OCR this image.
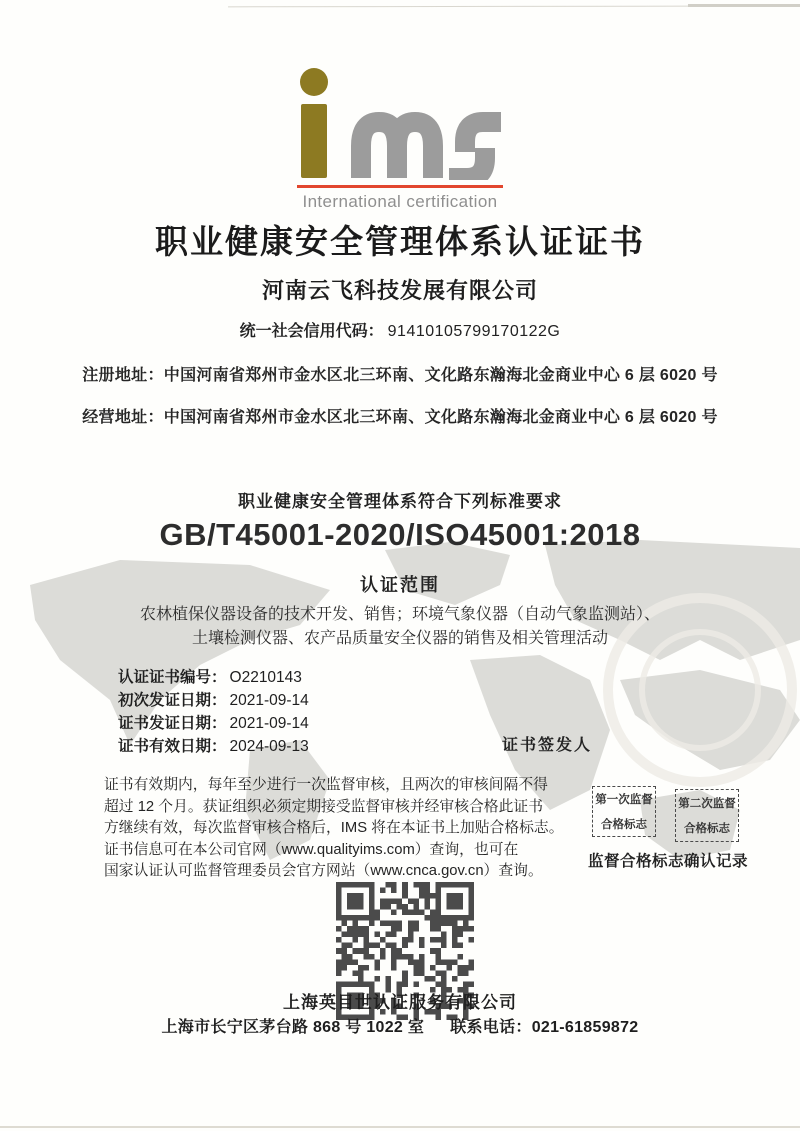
International certification
职业健康安全管理体系认证证书
河南云飞科技发展有限公司
统一社会信用代码： 91410105799170122G
注册地址：中国河南省郑州市金水区北三环南、文化路东瀚海北金商业中心 6 层 6020 号
经营地址：中国河南省郑州市金水区北三环南、文化路东瀚海北金商业中心 6 层 6020 号
职业健康安全管理体系符合下列标准要求
GB/T45001-2020/ISO45001:2018
认证范围
农林植保仪器设备的技术开发、销售；环境气象仪器（自动气象监测站）、
土壤检测仪器、农产品质量安全仪器的销售及相关管理活动
认证证书编号： O2210143
初次发证日期： 2021-09-14
证书发证日期： 2021-09-14
证书有效日期： 2024-09-13	证书签发人
证书有效期内，每年至少进行一次监督审核，且两次的审核间隔不得
超过 12 个月。获证组织必须定期接受监督审核并经审核合格此证书
方继续有效，每次监督审核合格后，IMS 将在本证书上加贴合格标志。
证书信息可在本公司官网（www.qualityims.com）查询，也可在
国家认证认可监督管理委员会官方网站（www.cnca.gov.cn）查询。
第一次监督
合格标志
第二次监督
合格标志
监督合格标志确认记录
上海英目世认证服务有限公司
上海市长宁区茅台路 868 号 1022 室 联系电话：021-61859872
